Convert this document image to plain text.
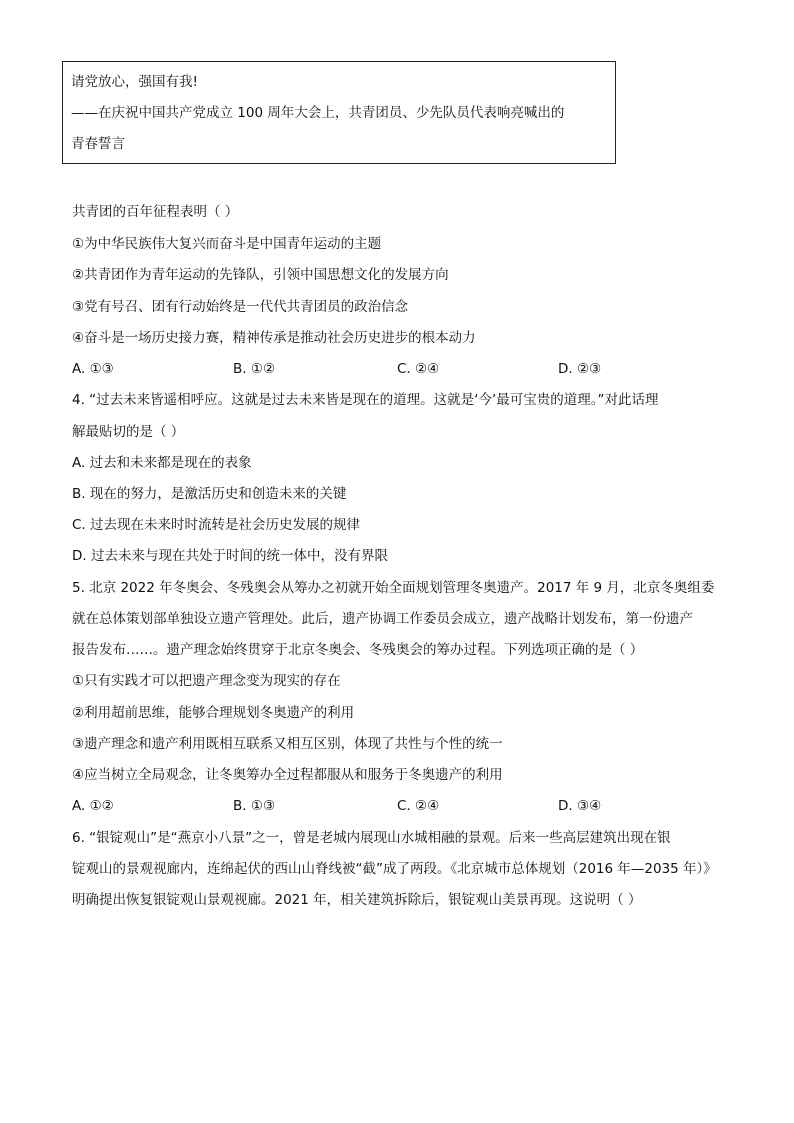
请党放心，强国有我!
——在庆祝中国共产党成立 100 周年大会上，共青团员、少先队员代表响亮喊出的
青春誓言
共青团的百年征程表明（ ）
①为中华民族伟大复兴而奋斗是中国青年运动的主题
②共青团作为青年运动的先锋队，引领中国思想文化的发展方向
③党有号召、团有行动始终是一代代共青团员的政治信念
④奋斗是一场历史接力赛，精神传承是推动社会历史进步的根本动力
A. ①③	B. ①②	C. ②④	D. ②③
4. “过去未来皆遥相呼应。这就是过去未来皆是现在的道理。这就是‘今’最可宝贵的道理。”对此话理
解最贴切的是（ ）
A. 过去和未来都是现在的表象
B. 现在的努力，是激活历史和创造未来的关键
C. 过去现在未来时时流转是社会历史发展的规律
D. 过去未来与现在共处于时间的统一体中，没有界限
5. 北京 2022 年冬奥会、冬残奥会从筹办之初就开始全面规划管理冬奥遗产。2017 年 9 月，北京冬奥组委
就在总体策划部单独设立遗产管理处。此后，遗产协调工作委员会成立，遗产战略计划发布，第一份遗产
报告发布……。遗产理念始终贯穿于北京冬奥会、冬残奥会的筹办过程。下列选项正确的是（ ）
①只有实践才可以把遗产理念变为现实的存在
②利用超前思维，能够合理规划冬奥遗产的利用
③遗产理念和遗产利用既相互联系又相互区别，体现了共性与个性的统一
④应当树立全局观念，让冬奥筹办全过程都服从和服务于冬奥遗产的利用
A. ①②	B. ①③	C. ②④	D. ③④
6. “银锭观山”是“燕京小八景”之一，曾是老城内展现山水城相融的景观。后来一些高层建筑出现在银
锭观山的景观视廊内，连绵起伏的西山山脊线被“截”成了两段。《北京城市总体规划（2016 年—2035 年）》
明确提出恢复银锭观山景观视廊。2021 年，相关建筑拆除后，银锭观山美景再现。这说明（ ）
